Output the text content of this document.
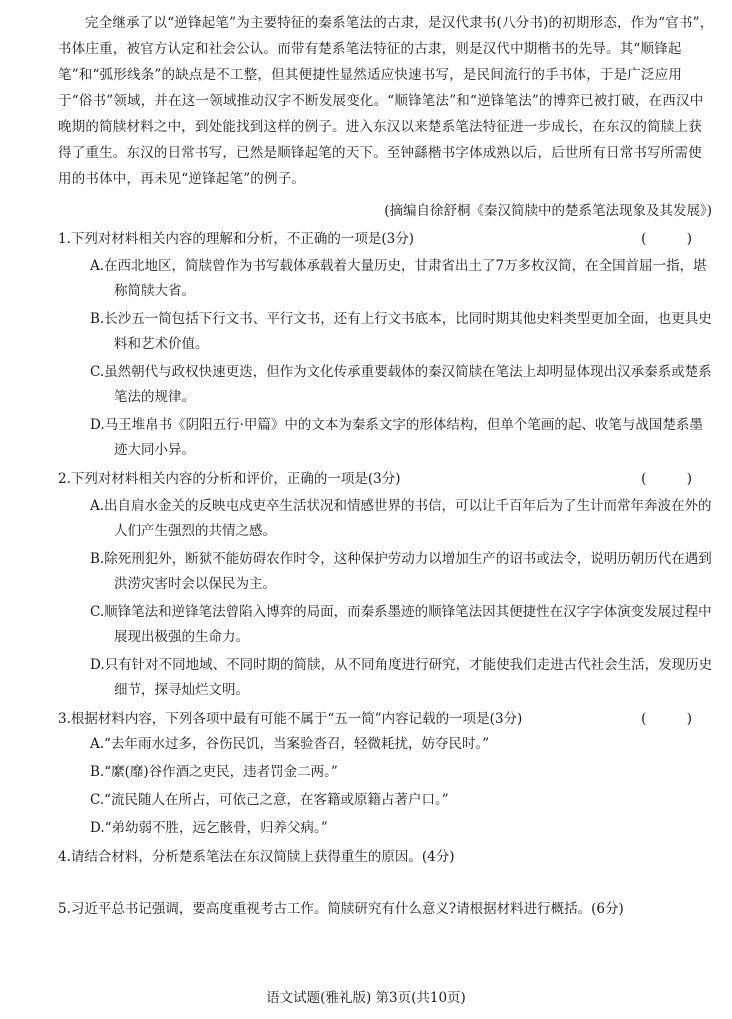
完全继承了以“逆锋起笔”为主要特征的秦系笔法的古隶，是汉代隶书(八分书)的初期形态，作为“官书”，书体庄重，被官方认定和社会公认。而带有楚系笔法特征的古隶，则是汉代中期楷书的先导。其“顺锋起笔”和“弧形线条”的缺点是不工整，但其便捷性显然适应快速书写，是民间流行的手书体，于是广泛应用于“俗书”领域，并在这一领域推动汉字不断发展变化。“顺锋笔法”和“逆锋笔法”的博弈已被打破，在西汉中晚期的简牍材料之中，到处能找到这样的例子。进入东汉以来楚系笔法特征进一步成长，在东汉的简牍上获得了重生。东汉的日常书写，已然是顺锋起笔的天下。至钟繇楷书字体成熟以后，后世所有日常书写所需使用的书体中，再未见“逆锋起笔”的例子。

(摘编自徐舒桐《秦汉简牍中的楚系笔法现象及其发展》)
1.下列对材料相关内容的理解和分析，不正确的一项是(3分)	( )
A.在西北地区，简牍曾作为书写载体承载着大量历史，甘肃省出土了7万多枚汉简，在全国首屈一指，堪称简牍大省。
B.长沙五一简包括下行文书、平行文书，还有上行文书底本，比同时期其他史料类型更加全面，也更具史料和艺术价值。
C.虽然朝代与政权快速更迭，但作为文化传承重要载体的秦汉简牍在笔法上却明显体现出汉承秦系或楚系笔法的规律。
D.马王堆帛书《阴阳五行·甲篇》中的文本为秦系文字的形体结构，但单个笔画的起、收笔与战国楚系墨迹大同小异。
2.下列对材料相关内容的分析和评价，正确的一项是(3分)	( )
A.出自肩水金关的反映屯戍吏卒生活状况和情感世界的书信，可以让千百年后为了生计而常年奔波在外的人们产生强烈的共情之感。
B.除死刑犯外，断狱不能妨碍农作时令，这种保护劳动力以增加生产的诏书或法令，说明历朝历代在遇到洪涝灾害时会以保民为主。
C.顺锋笔法和逆锋笔法曾陷入博弈的局面，而秦系墨迹的顺锋笔法因其便捷性在汉字字体演变发展过程中展现出极强的生命力。
D.只有针对不同地域、不同时期的简牍，从不同角度进行研究，才能使我们走进古代社会生活，发现历史细节，探寻灿烂文明。
3.根据材料内容，下列各项中最有可能不属于“五一简”内容记载的一项是(3分)	( )
A.“去年雨水过多，谷伤民饥，当案验沓召，轻微耗扰，妨夺民时。”
B.“縻(靡)谷作酒之吏民，违者罚金二两。”
C.“流民随人在所占，可依己之意，在客籍或原籍占著户口。”
D.“弟幼弱不胜，远乞骸骨，归养父病。”
4.请结合材料，分析楚系笔法在东汉简牍上获得重生的原因。(4分)
5.习近平总书记强调，要高度重视考古工作。简牍研究有什么意义?请根据材料进行概括。(6分)
语文试题(雅礼版) 第3页(共10页)
